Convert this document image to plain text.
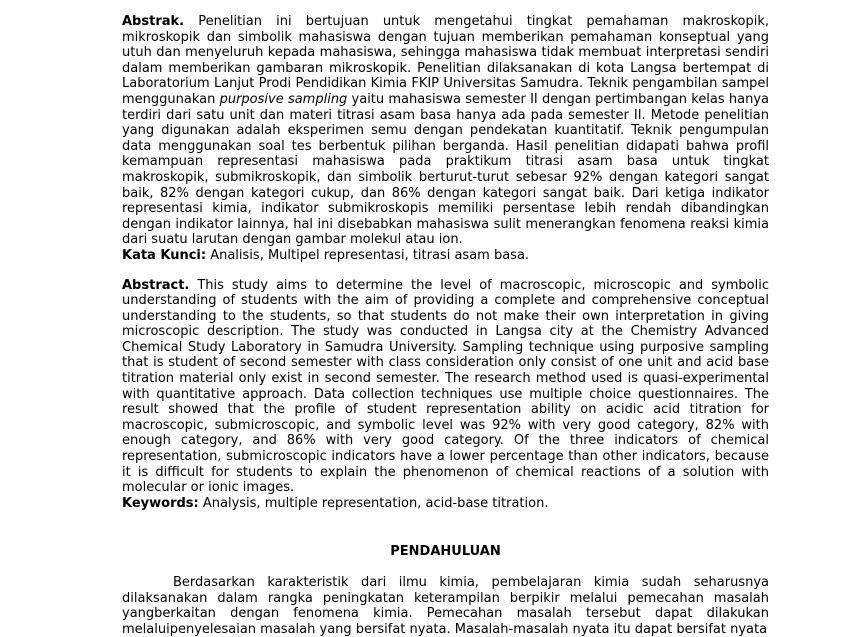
Abstrak. Penelitian ini bertujuan untuk mengetahui tingkat pemahaman makroskopik, mikroskopik dan simbolik mahasiswa dengan tujuan memberikan pemahaman konseptual yang utuh dan menyeluruh kepada mahasiswa, sehingga mahasiswa tidak membuat interpretasi sendiri dalam memberikan gambaran mikroskopik. Penelitian dilaksanakan di kota Langsa bertempat di Laboratorium Lanjut Prodi Pendidikan Kimia FKIP Universitas Samudra. Teknik pengambilan sampel menggunakan purposive sampling yaitu mahasiswa semester II dengan pertimbangan kelas hanya terdiri dari satu unit dan materi titrasi asam basa hanya ada pada semester II. Metode penelitian yang digunakan adalah eksperimen semu dengan pendekatan kuantitatif. Teknik pengumpulan data menggunakan soal tes berbentuk pilihan berganda. Hasil penelitian didapati bahwa profil kemampuan representasi mahasiswa pada praktikum titrasi asam basa untuk tingkat makroskopik, submikroskopik, dan simbolik berturut-turut sebesar 92% dengan kategori sangat baik, 82% dengan kategori cukup, dan 86% dengan kategori sangat baik. Dari ketiga indikator representasi kimia, indikator submikroskopis memiliki persentase lebih rendah dibandingkan dengan indikator lainnya, hal ini disebabkan mahasiswa sulit menerangkan fenomena reaksi kimia dari suatu larutan dengan gambar molekul atau ion.

Kata Kunci: Analisis, Multipel representasi, titrasi asam basa.

Abstract. This study aims to determine the level of macroscopic, microscopic and symbolic understanding of students with the aim of providing a complete and comprehensive conceptual understanding to the students, so that students do not make their own interpretation in giving microscopic description. The study was conducted in Langsa city at the Chemistry Advanced Chemical Study Laboratory in Samudra University. Sampling technique using purposive sampling that is student of second semester with class consideration only consist of one unit and acid base titration material only exist in second semester. The research method used is quasi-experimental with quantitative approach. Data collection techniques use multiple choice questionnaires. The result showed that the profile of student representation ability on acidic acid titration for macroscopic, submicroscopic, and symbolic level was 92% with very good category, 82% with enough category, and 86% with very good category. Of the three indicators of chemical representation, submicroscopic indicators have a lower percentage than other indicators, because it is difficult for students to explain the phenomenon of chemical reactions of a solution with molecular or ionic images.

Keywords: Analysis, multiple representation, acid-base titration.

PENDAHULUAN

Berdasarkan karakteristik dari ilmu kimia, pembelajaran kimia sudah seharusnya dilaksanakan dalam rangka peningkatan keterampilan berpikir melalui pemecahan masalah yangberkaitan dengan fenomena kimia. Pemecahan masalah tersebut dapat dilakukan melaluipenyelesaian masalah yang bersifat nyata. Masalah-masalah nyata itu dapat bersifat nyata
